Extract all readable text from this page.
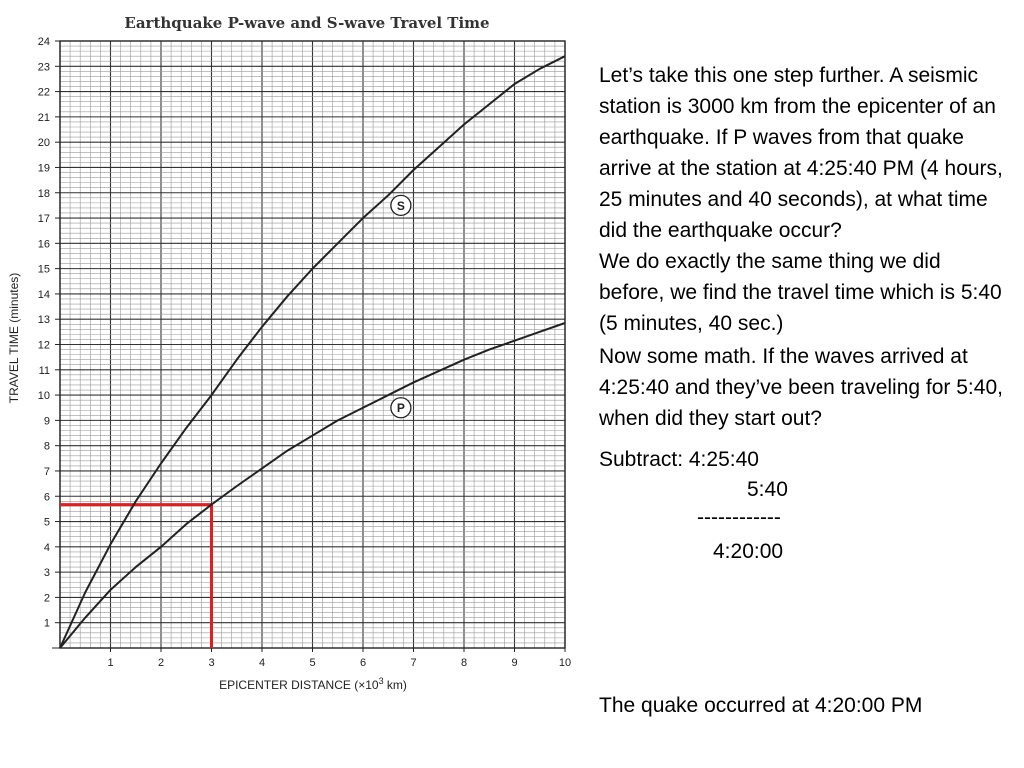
Earthquake P-wave and S-wave Travel Time
1	2	3	4	5	6	7	8	9	10
1
2
3
4
5
6
7
8
9
10
11
12
13
14
15
16
17
18
19
20
21
22
23
24
S
P
EPICENTER DISTANCE ($\times 10^3$ km)
TRAVEL TIME (minutes)

Let’s take this one step further. A seismic station is 3000 km from the epicenter of an earthquake. If P waves from that quake arrive at the station at 4:25:40 PM (4 hours, 25 minutes and 40 seconds), at what time did the earthquake occur?

We do exactly the same thing we did before, we find the travel time which is 5:40 (5 minutes, 40 sec.)

Now some math. If the waves arrived at 4:25:40 and they’ve been traveling for 5:40, when did they start out?

Subtract: 4:25:40
5:40
------------
4:20:00
The quake occurred at 4:20:00 PM
